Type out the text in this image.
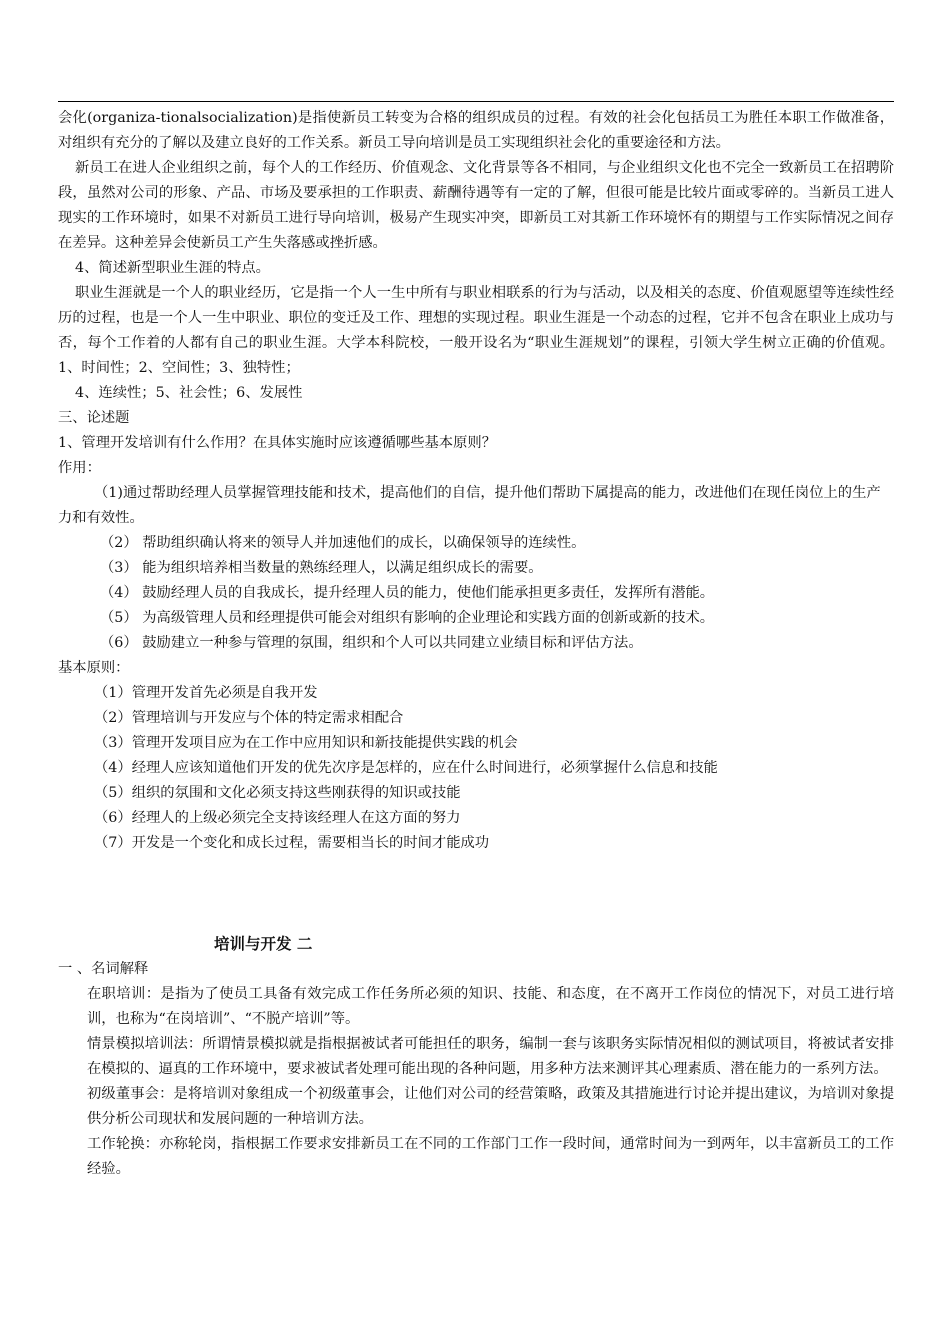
会化(organiza-tionalsocialization)是指使新员工转变为合格的组织成员的过程。有效的社会化包括员工为胜任本职工作做准备，对组织有充分的了解以及建立良好的工作关系。新员工导向培训是员工实现组织社会化的重要途径和方法。

新员工在进人企业组织之前，每个人的工作经历、价值观念、文化背景等各不相同，与企业组织文化也不完全一致新员工在招聘阶段，虽然对公司的形象、产品、市场及要承担的工作职责、薪酬待遇等有一定的了解，但很可能是比较片面或零碎的。当新员工进人现实的工作环境时，如果不对新员工进行导向培训，极易产生现实冲突，即新员工对其新工作环境怀有的期望与工作实际情况之间存在差异。这种差异会使新员工产生失落感或挫折感。

4、简述新型职业生涯的特点。

职业生涯就是一个人的职业经历，它是指一个人一生中所有与职业相联系的行为与活动，以及相关的态度、价值观愿望等连续性经历的过程，也是一个人一生中职业、职位的变迁及工作、理想的实现过程。职业生涯是一个动态的过程，它并不包含在职业上成功与否，每个工作着的人都有自己的职业生涯。大学本科院校，一般开设名为“职业生涯规划”的课程，引领大学生树立正确的价值观。1、时间性；2、空间性；3、独特性；

4、连续性；5、社会性；6、发展性

三、论述题

1、管理开发培训有什么作用？在具体实施时应该遵循哪些基本原则？

作用：

（1)通过帮助经理人员掌握管理技能和技术，提高他们的自信，提升他们帮助下属提高的能力，改进他们在现任岗位上的生产力和有效性。

（2） 帮助组织确认将来的领导人并加速他们的成长，以确保领导的连续性。

（3） 能为组织培养相当数量的熟练经理人，以满足组织成长的需要。

（4） 鼓励经理人员的自我成长，提升经理人员的能力，使他们能承担更多责任，发挥所有潜能。

（5） 为高级管理人员和经理提供可能会对组织有影响的企业理论和实践方面的创新或新的技术。

（6） 鼓励建立一种参与管理的氛围，组织和个人可以共同建立业绩目标和评估方法。

基本原则：

（1）管理开发首先必须是自我开发

（2）管理培训与开发应与个体的特定需求相配合

（3）管理开发项目应为在工作中应用知识和新技能提供实践的机会

（4）经理人应该知道他们开发的优先次序是怎样的，应在什么时间进行，必须掌握什么信息和技能

（5）组织的氛围和文化必须支持这些刚获得的知识或技能

（6）经理人的上级必须完全支持该经理人在这方面的努力

（7）开发是一个变化和成长过程，需要相当长的时间才能成功

培训与开发 二

一 、名词解释

在职培训：是指为了使员工具备有效完成工作任务所必须的知识、技能、和态度，在不离开工作岗位的情况下，对员工进行培训，也称为“在岗培训”、“不脱产培训”等。

情景模拟培训法：所谓情景模拟就是指根据被试者可能担任的职务，编制一套与该职务实际情况相似的测试项目，将被试者安排在模拟的、逼真的工作环境中，要求被试者处理可能出现的各种问题，用多种方法来测评其心理素质、潜在能力的一系列方法。

初级董事会：是将培训对象组成一个初级董事会，让他们对公司的经营策略，政策及其措施进行讨论并提出建议，为培训对象提供分析公司现状和发展问题的一种培训方法。

工作轮换：亦称轮岗，指根据工作要求安排新员工在不同的工作部门工作一段时间，通常时间为一到两年，以丰富新员工的工作经验。
